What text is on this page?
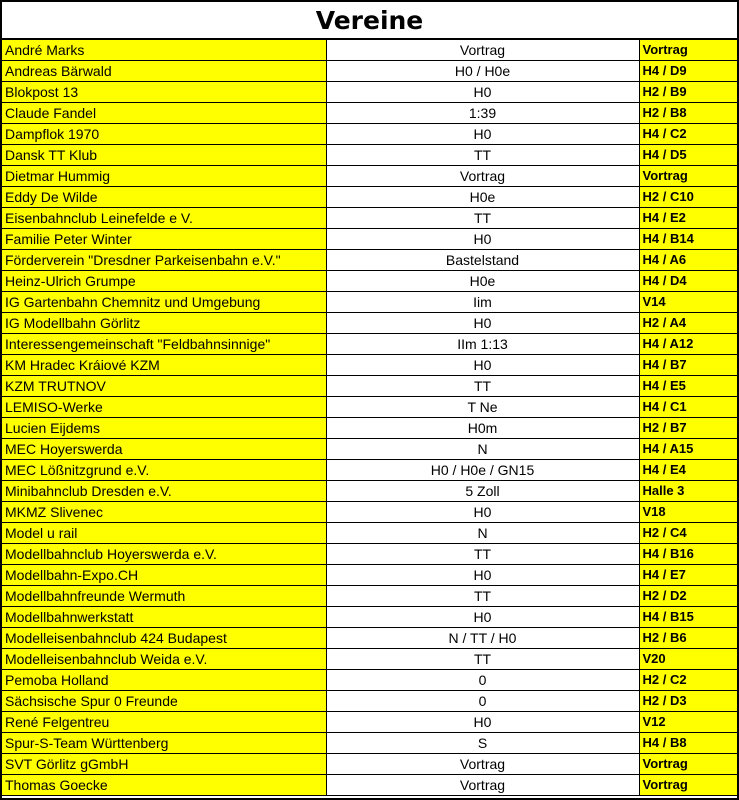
Vereine
André Marks	Vortrag	Vortrag
Andreas Bärwald	H0 / H0e	H4 / D9
Blokpost 13	H0	H2 / B9
Claude Fandel	1:39	H2 / B8
Dampflok 1970	H0	H4 / C2
Dansk TT Klub	TT	H4 / D5
Dietmar Hummig	Vortrag	Vortrag
Eddy De Wilde	H0e	H2 / C10
Eisenbahnclub Leinefelde e V.	TT	H4 / E2
Familie Peter Winter	H0	H4 / B14
Förderverein "Dresdner Parkeisenbahn e.V."	Bastelstand	H4 / A6
Heinz-Ulrich Grumpe	H0e	H4 / D4
IG Gartenbahn Chemnitz und Umgebung	Iim	V14
IG Modellbahn Görlitz	H0	H2 / A4
Interessengemeinschaft "Feldbahnsinnige"	IIm 1:13	H4 / A12
KM Hradec Kráiové KZM	H0	H4 / B7
KZM TRUTNOV	TT	H4 / E5
LEMISO-Werke	T Ne	H4 / C1
Lucien Eijdems	H0m	H2 / B7
MEC Hoyerswerda	N	H4 / A15
MEC Lößnitzgrund e.V.	H0 / H0e / GN15	H4 / E4
Minibahnclub Dresden e.V.	5 Zoll	Halle 3
MKMZ Slivenec	H0	V18
Model u rail	N	H2 / C4
Modellbahnclub Hoyerswerda e.V.	TT	H4 / B16
Modellbahn-Expo.CH	H0	H4 / E7
Modellbahnfreunde Wermuth	TT	H2 / D2
Modellbahnwerkstatt	H0	H4 / B15
Modelleisenbahnclub 424 Budapest	N / TT / H0	H2 / B6
Modelleisenbahnclub Weida e.V.	TT	V20
Pemoba Holland	0	H2 / C2
Sächsische Spur 0 Freunde	0	H2 / D3
René Felgentreu	H0	V12
Spur-S-Team Württenberg	S	H4 / B8
SVT Görlitz gGmbH	Vortrag	Vortrag
Thomas Goecke	Vortrag	Vortrag
